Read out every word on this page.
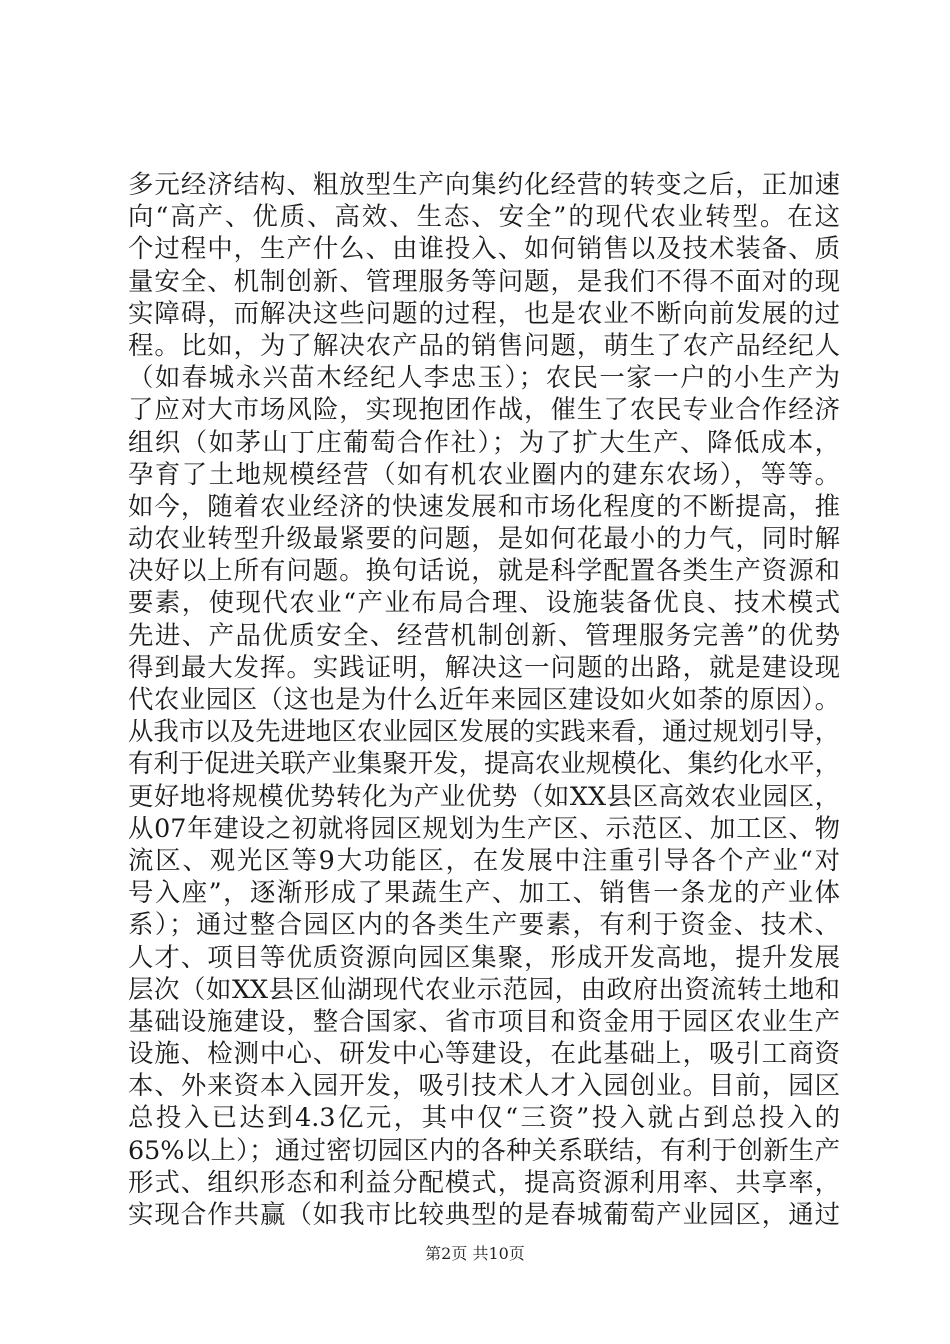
多元经济结构、粗放型生产向集约化经营的转变之后，正加速
向“高产、优质、高效、生态、安全”的现代农业转型。在这
个过程中，生产什么、由谁投入、如何销售以及技术装备、质
量安全、机制创新、管理服务等问题，是我们不得不面对的现
实障碍，而解决这些问题的过程，也是农业不断向前发展的过
程。比如，为了解决农产品的销售问题，萌生了农产品经纪人
（如春城永兴苗木经纪人李忠玉）；农民一家一户的小生产为
了应对大市场风险，实现抱团作战，催生了农民专业合作经济
组织（如茅山丁庄葡萄合作社）；为了扩大生产、降低成本，
孕育了土地规模经营（如有机农业圈内的建东农场），等等。
如今，随着农业经济的快速发展和市场化程度的不断提高，推
动农业转型升级最紧要的问题，是如何花最小的力气，同时解
决好以上所有问题。换句话说，就是科学配置各类生产资源和
要素，使现代农业“产业布局合理、设施装备优良、技术模式
先进、产品优质安全、经营机制创新、管理服务完善”的优势
得到最大发挥。实践证明，解决这一问题的出路，就是建设现
代农业园区（这也是为什么近年来园区建设如火如荼的原因）。
从我市以及先进地区农业园区发展的实践来看，通过规划引导，
有利于促进关联产业集聚开发，提高农业规模化、集约化水平，
更好地将规模优势转化为产业优势（如XX县区高效农业园区，
从07年建设之初就将园区规划为生产区、示范区、加工区、物
流区、观光区等9大功能区，在发展中注重引导各个产业“对
号入座”，逐渐形成了果蔬生产、加工、销售一条龙的产业体
系）；通过整合园区内的各类生产要素，有利于资金、技术、
人才、项目等优质资源向园区集聚，形成开发高地，提升发展
层次（如XX县区仙湖现代农业示范园，由政府出资流转土地和
基础设施建设，整合国家、省市项目和资金用于园区农业生产
设施、检测中心、研发中心等建设，在此基础上，吸引工商资
本、外来资本入园开发，吸引技术人才入园创业。目前，园区
总投入已达到4.3亿元，其中仅“三资”投入就占到总投入的
65%以上）；通过密切园区内的各种关系联结，有利于创新生产
形式、组织形态和利益分配模式，提高资源利用率、共享率，
实现合作共赢（如我市比较典型的是春城葡萄产业园区，通过
第2页 共10页
